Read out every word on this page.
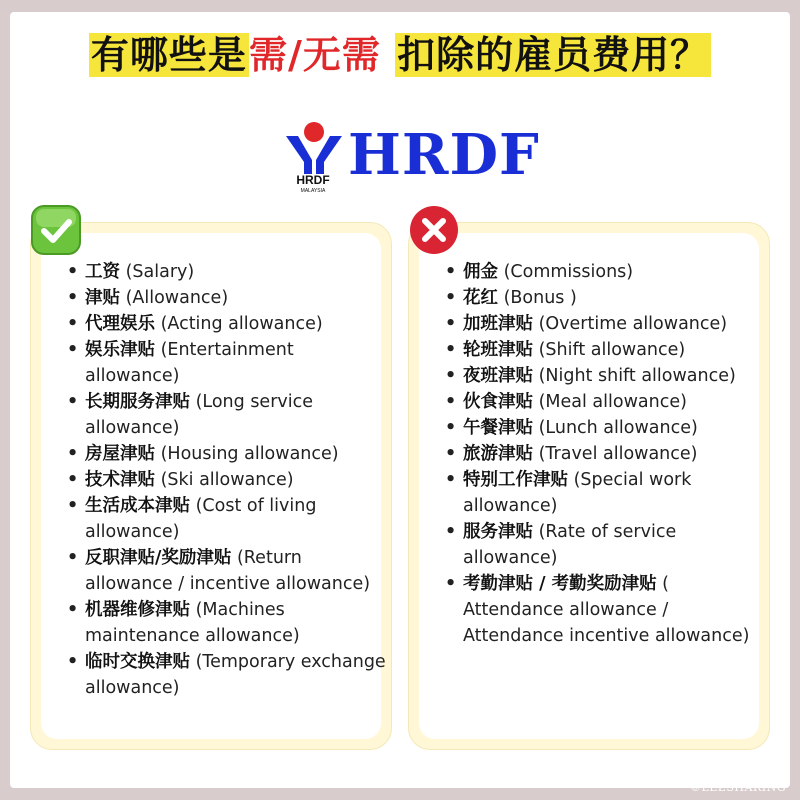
有哪些是需/无需 扣除的雇员费用？
HRDF
MALAYSIA
HRDF
• 工资 (Salary)
• 津贴 (Allowance)
• 代理娱乐 (Acting allowance)
• 娱乐津贴 (Entertainment allowance)
• 长期服务津贴 (Long service allowance)
• 房屋津贴 (Housing allowance)
• 技术津贴 (Ski allowance)
• 生活成本津贴 (Cost of living allowance)
• 反职津贴/奖励津贴 (Return allowance / incentive allowance)
• 机器维修津贴 (Machines maintenance allowance)
• 临时交换津贴 (Temporary exchange allowance)
• 佣金 (Commissions)
• 花红 (Bonus )
• 加班津贴 (Overtime allowance)
• 轮班津贴 (Shift allowance)
• 夜班津贴 (Night shift allowance)
• 伙食津贴 (Meal allowance)
• 午餐津贴 (Lunch allowance)
• 旅游津贴 (Travel allowance)
• 特别工作津贴 (Special work allowance)
• 服务津贴 (Rate of service allowance)
• 考勤津贴 / 考勤奖励津贴 ( Attendance allowance / Attendance incentive allowance)
©LEESHARING
